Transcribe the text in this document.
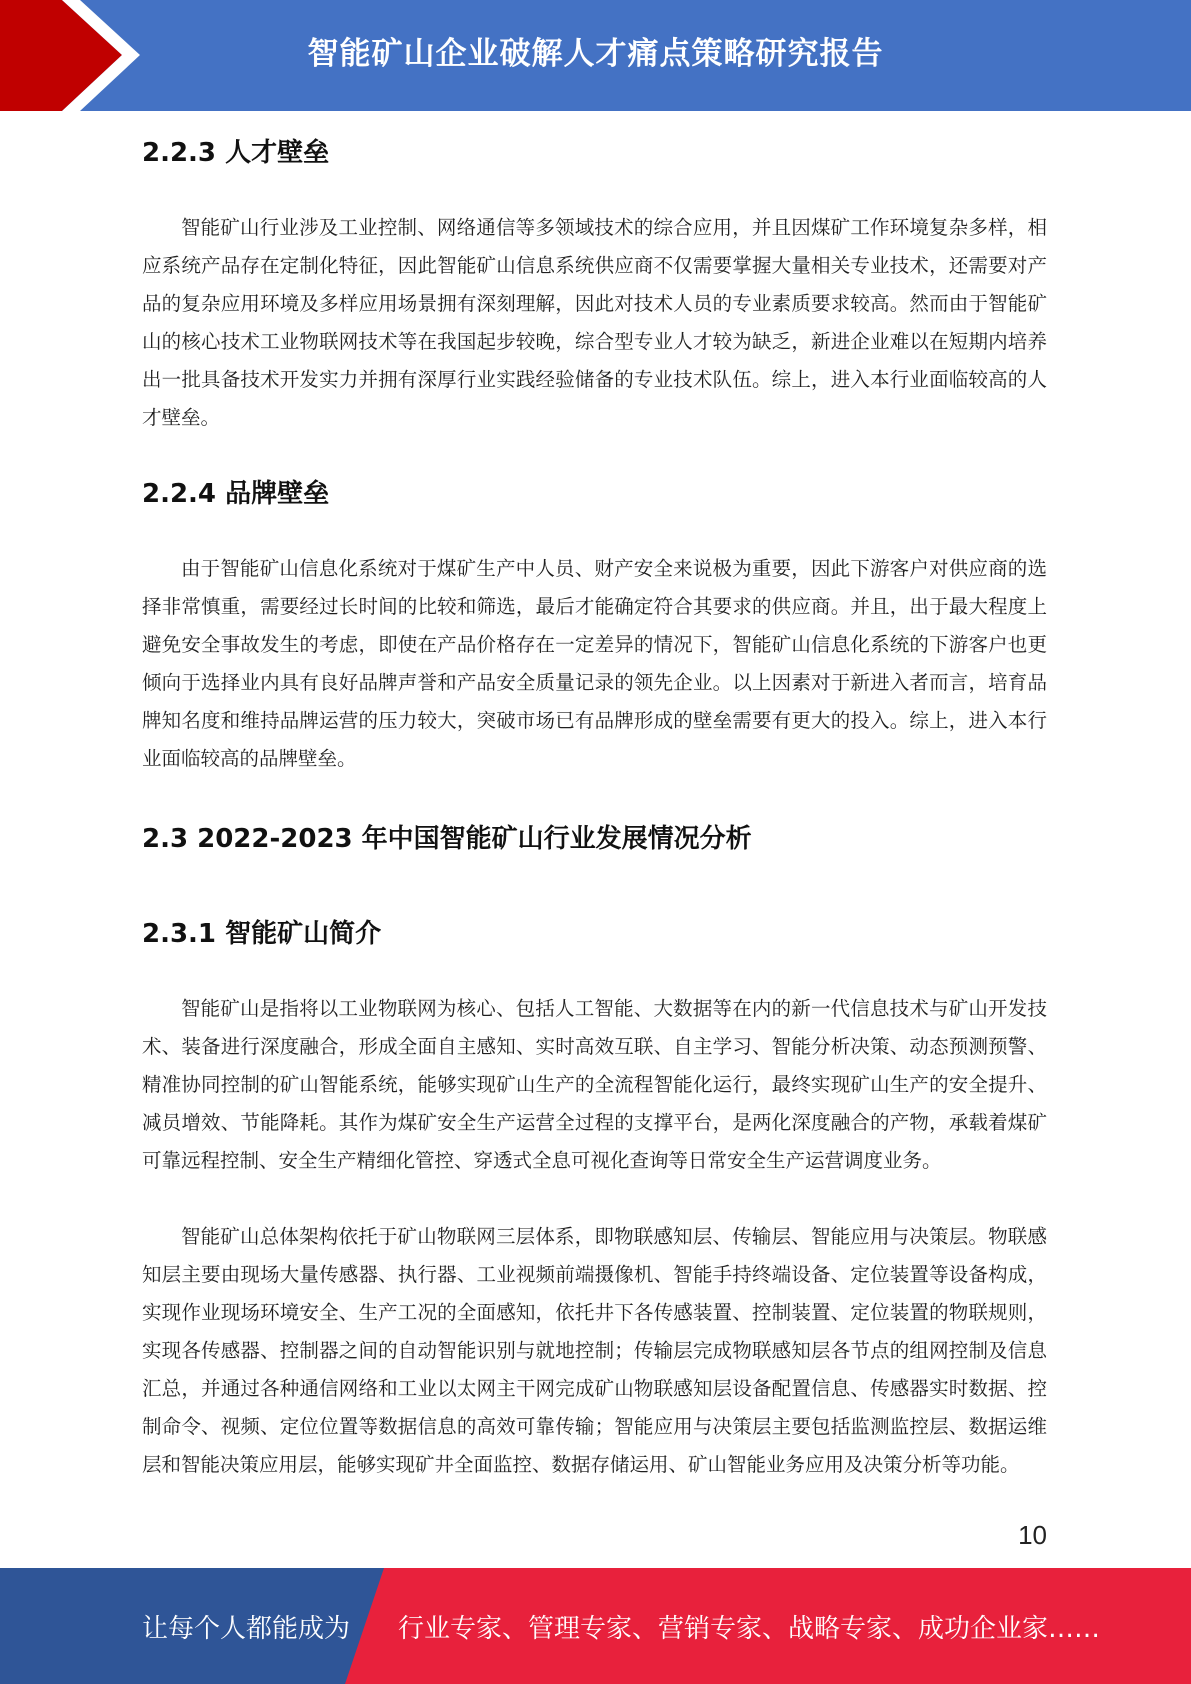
智能矿山企业破解人才痛点策略研究报告
2.2.3 人才壁垒

智能矿山行业涉及工业控制、网络通信等多领域技术的综合应用，并且因煤矿工作环境复杂多样，相应系统产品存在定制化特征，因此智能矿山信息系统供应商不仅需要掌握大量相关专业技术，还需要对产品的复杂应用环境及多样应用场景拥有深刻理解，因此对技术人员的专业素质要求较高。然而由于智能矿山的核心技术工业物联网技术等在我国起步较晚，综合型专业人才较为缺乏，新进企业难以在短期内培养出一批具备技术开发实力并拥有深厚行业实践经验储备的专业技术队伍。综上，进入本行业面临较高的人才壁垒。

2.2.4 品牌壁垒

由于智能矿山信息化系统对于煤矿生产中人员、财产安全来说极为重要，因此下游客户对供应商的选择非常慎重，需要经过长时间的比较和筛选，最后才能确定符合其要求的供应商。并且，出于最大程度上避免安全事故发生的考虑，即使在产品价格存在一定差异的情况下，智能矿山信息化系统的下游客户也更倾向于选择业内具有良好品牌声誉和产品安全质量记录的领先企业。以上因素对于新进入者而言，培育品牌知名度和维持品牌运营的压力较大，突破市场已有品牌形成的壁垒需要有更大的投入。综上，进入本行业面临较高的品牌壁垒。

2.3 2022-2023 年中国智能矿山行业发展情况分析
2.3.1 智能矿山简介

智能矿山是指将以工业物联网为核心、包括人工智能、大数据等在内的新一代信息技术与矿山开发技术、装备进行深度融合，形成全面自主感知、实时高效互联、自主学习、智能分析决策、动态预测预警、精准协同控制的矿山智能系统，能够实现矿山生产的全流程智能化运行，最终实现矿山生产的安全提升、减员增效、节能降耗。其作为煤矿安全生产运营全过程的支撑平台，是两化深度融合的产物，承载着煤矿可靠远程控制、安全生产精细化管控、穿透式全息可视化查询等日常安全生产运营调度业务。

智能矿山总体架构依托于矿山物联网三层体系，即物联感知层、传输层、智能应用与决策层。物联感知层主要由现场大量传感器、执行器、工业视频前端摄像机、智能手持终端设备、定位装置等设备构成，实现作业现场环境安全、生产工况的全面感知，依托井下各传感装置、控制装置、定位装置的物联规则，实现各传感器、控制器之间的自动智能识别与就地控制；传输层完成物联感知层各节点的组网控制及信息汇总，并通过各种通信网络和工业以太网主干网完成矿山物联感知层设备配置信息、传感器实时数据、控制命令、视频、定位位置等数据信息的高效可靠传输；智能应用与决策层主要包括监测监控层、数据运维层和智能决策应用层，能够实现矿井全面监控、数据存储运用、矿山智能业务应用及决策分析等功能。

10
让每个人都能成为 行业专家、管理专家、营销专家、战略专家、成功企业家……
